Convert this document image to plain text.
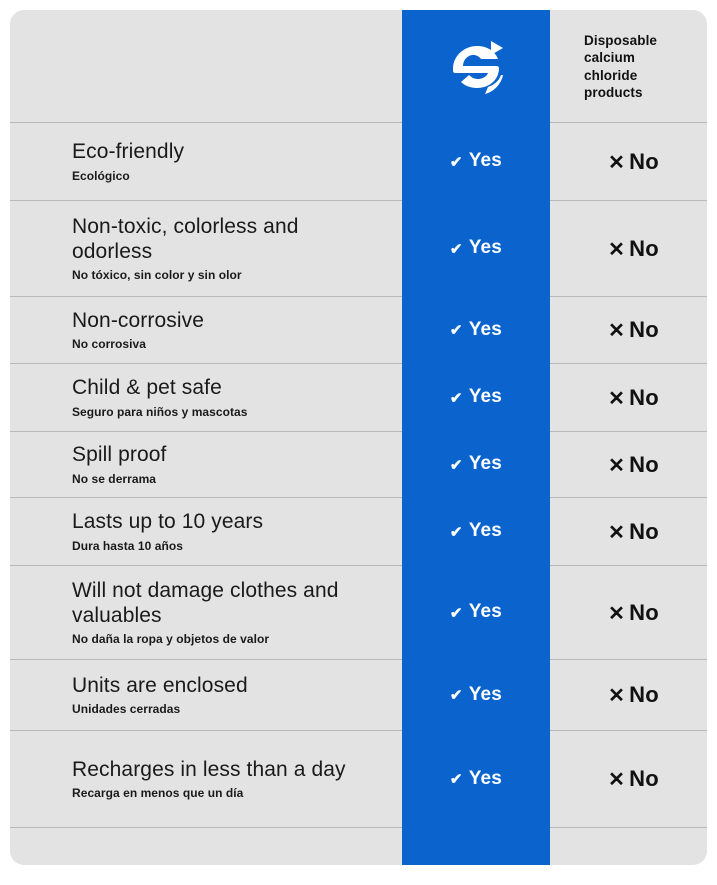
Disposable calcium chloride products
Eco-friendly
Ecológico
✔ Yes	✕ No
Non-toxic, colorless and odorless
No tóxico, sin color y sin olor
✔ Yes	✕ No
Non-corrosive
No corrosiva
✔ Yes	✕ No
Child & pet safe
Seguro para niños y mascotas
✔ Yes	✕ No
Spill proof
No se derrama
✔ Yes	✕ No
Lasts up to 10 years
Dura hasta 10 años
✔ Yes	✕ No
Will not damage clothes and valuables
No daña la ropa y objetos de valor
✔ Yes	✕ No
Units are enclosed
Unidades cerradas
✔ Yes	✕ No
Recharges in less than a day
Recarga en menos que un día
✔ Yes	✕ No
